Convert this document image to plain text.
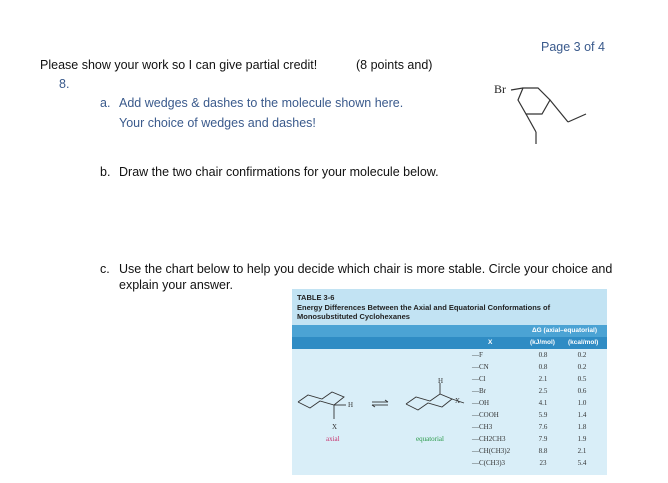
Page 3 of 4
Please show your work so I can give partial credit!	(8 points and)
8.
a. Add wedges & dashes to the molecule shown here.
Your choice of wedges and dashes!
Br
b. Draw the two chair confirmations for your molecule below.
c. Use the chart below to help you decide which chair is more stable. Circle your choice and
explain your answer.
TABLE 3-6
Energy Differences Between the Axial and Equatorial Conformations of Monosubstituted Cyclohexanes
ΔG (axial–equatorial)
X	(kJ/mol) (kcal/mol)
—F	0.8	0.2
—CN	0.8	0.2
—Cl	2.1	0.5
—Br	2.5	0.6
—OH	4.1	1.0
—COOH	5.9	1.4
—CH3	7.6	1.8
—CH2CH3	7.9	1.9
—CH(CH3)2	8.8	2.1
—C(CH3)3	23	5.4
H
X
H
X
axial	equatorial
